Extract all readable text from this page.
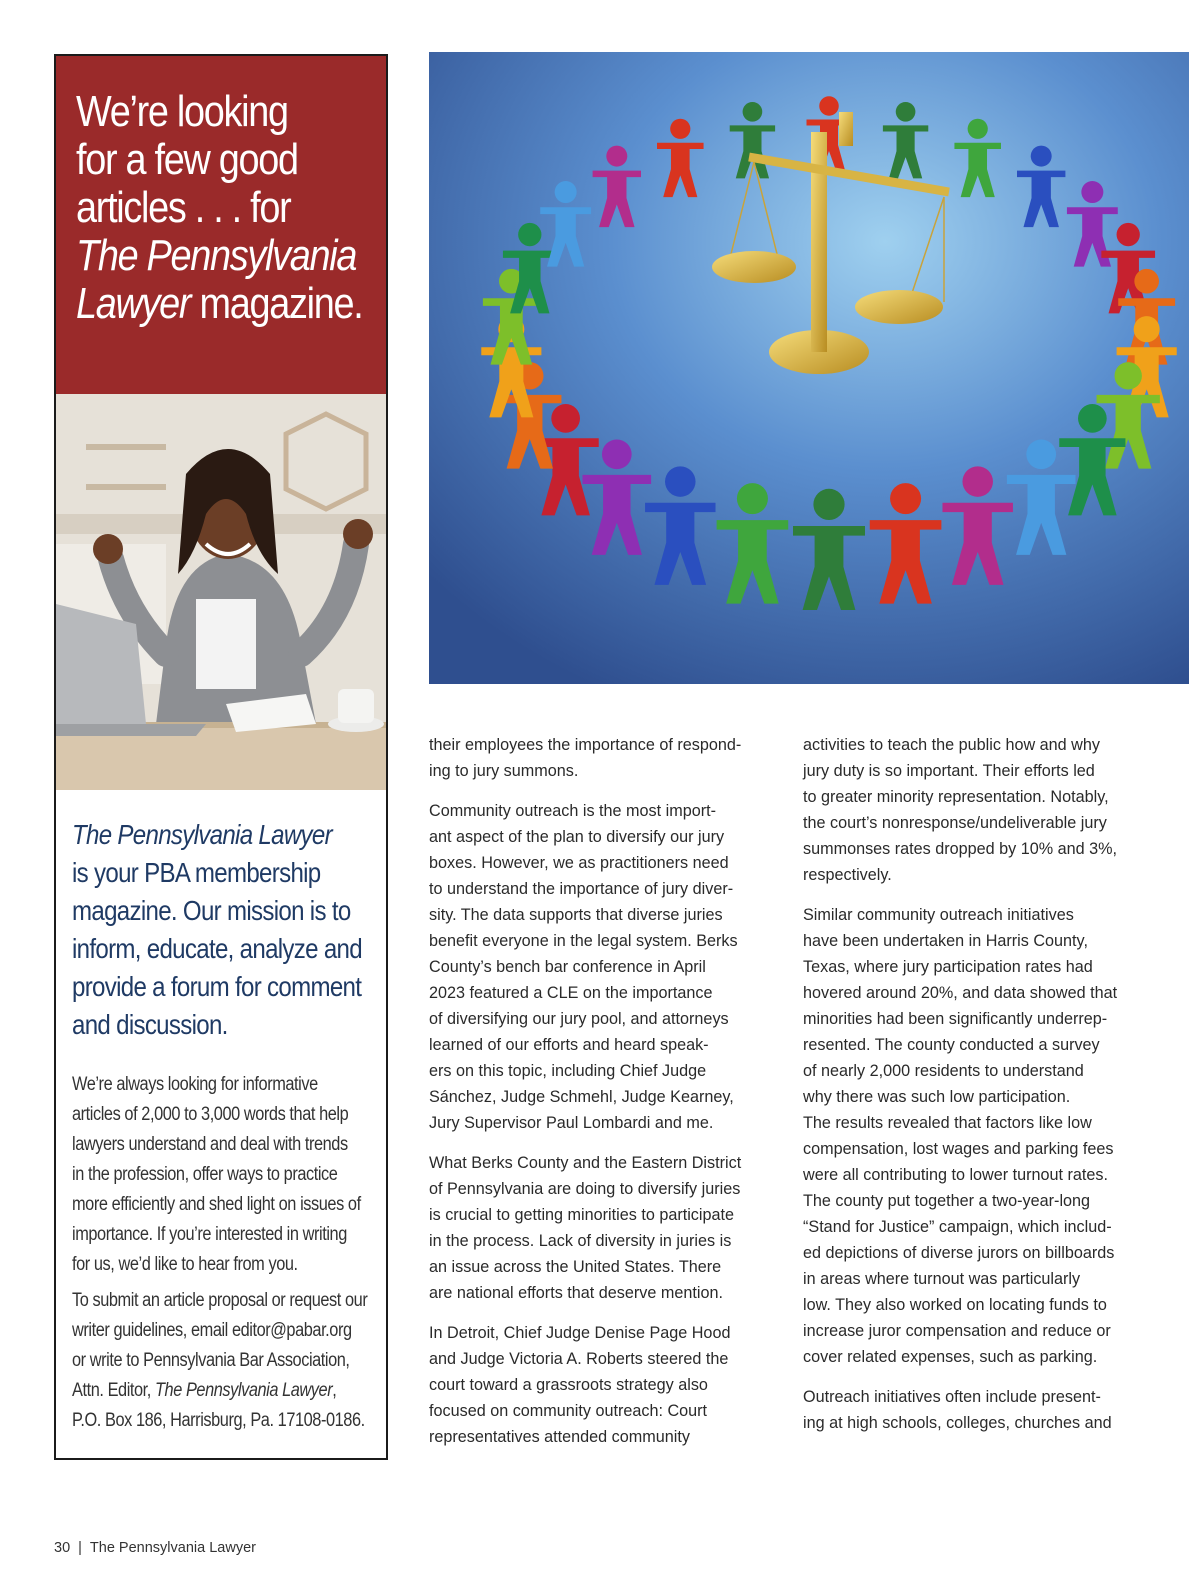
We’re looking
for a few good
articles . . . for
The Pennsylvania
Lawyer magazine.
The Pennsylvania Lawyer
is your PBA membership
magazine. Our mission is to
inform, educate, analyze and
provide a forum for comment
and discussion.
We’re always looking for informative
articles of 2,000 to 3,000 words that help
lawyers understand and deal with trends
in the profession, offer ways to practice
more efficiently and shed light on issues of
importance. If you’re interested in writing
for us, we’d like to hear from you.
To submit an article proposal or request our
writer guidelines, email editor@pabar.org
or write to Pennsylvania Bar Association,
Attn. Editor, The Pennsylvania Lawyer,
P.O. Box 186, Harrisburg, Pa. 17108-0186.

their employees the importance of respond-
ing to jury summons.

Community outreach is the most import-
ant aspect of the plan to diversify our jury
boxes. However, we as practitioners need
to understand the importance of jury diver-
sity. The data supports that diverse juries
benefit everyone in the legal system. Berks
County’s bench bar conference in April
2023 featured a CLE on the importance
of diversifying our jury pool, and attorneys
learned of our efforts and heard speak-
ers on this topic, including Chief Judge
Sánchez, Judge Schmehl, Judge Kearney,
Jury Supervisor Paul Lombardi and me.

What Berks County and the Eastern District
of Pennsylvania are doing to diversify juries
is crucial to getting minorities to participate
in the process. Lack of diversity in juries is
an issue across the United States. There
are national efforts that deserve mention.

In Detroit, Chief Judge Denise Page Hood
and Judge Victoria A. Roberts steered the
court toward a grassroots strategy also
focused on community outreach: Court
representatives attended community

activities to teach the public how and why
jury duty is so important. Their efforts led
to greater minority representation. Notably,
the court’s nonresponse/undeliverable jury
summonses rates dropped by 10% and 3%,
respectively.

Similar community outreach initiatives
have been undertaken in Harris County,
Texas, where jury participation rates had
hovered around 20%, and data showed that
minorities had been significantly underrep-
resented. The county conducted a survey
of nearly 2,000 residents to understand
why there was such low participation.
The results revealed that factors like low
compensation, lost wages and parking fees
were all contributing to lower turnout rates.
The county put together a two-year-long
“Stand for Justice” campaign, which includ-
ed depictions of diverse jurors on billboards
in areas where turnout was particularly
low. They also worked on locating funds to
increase juror compensation and reduce or
cover related expenses, such as parking.

Outreach initiatives often include present-
ing at high schools, colleges, churches and

30 | The Pennsylvania Lawyer
